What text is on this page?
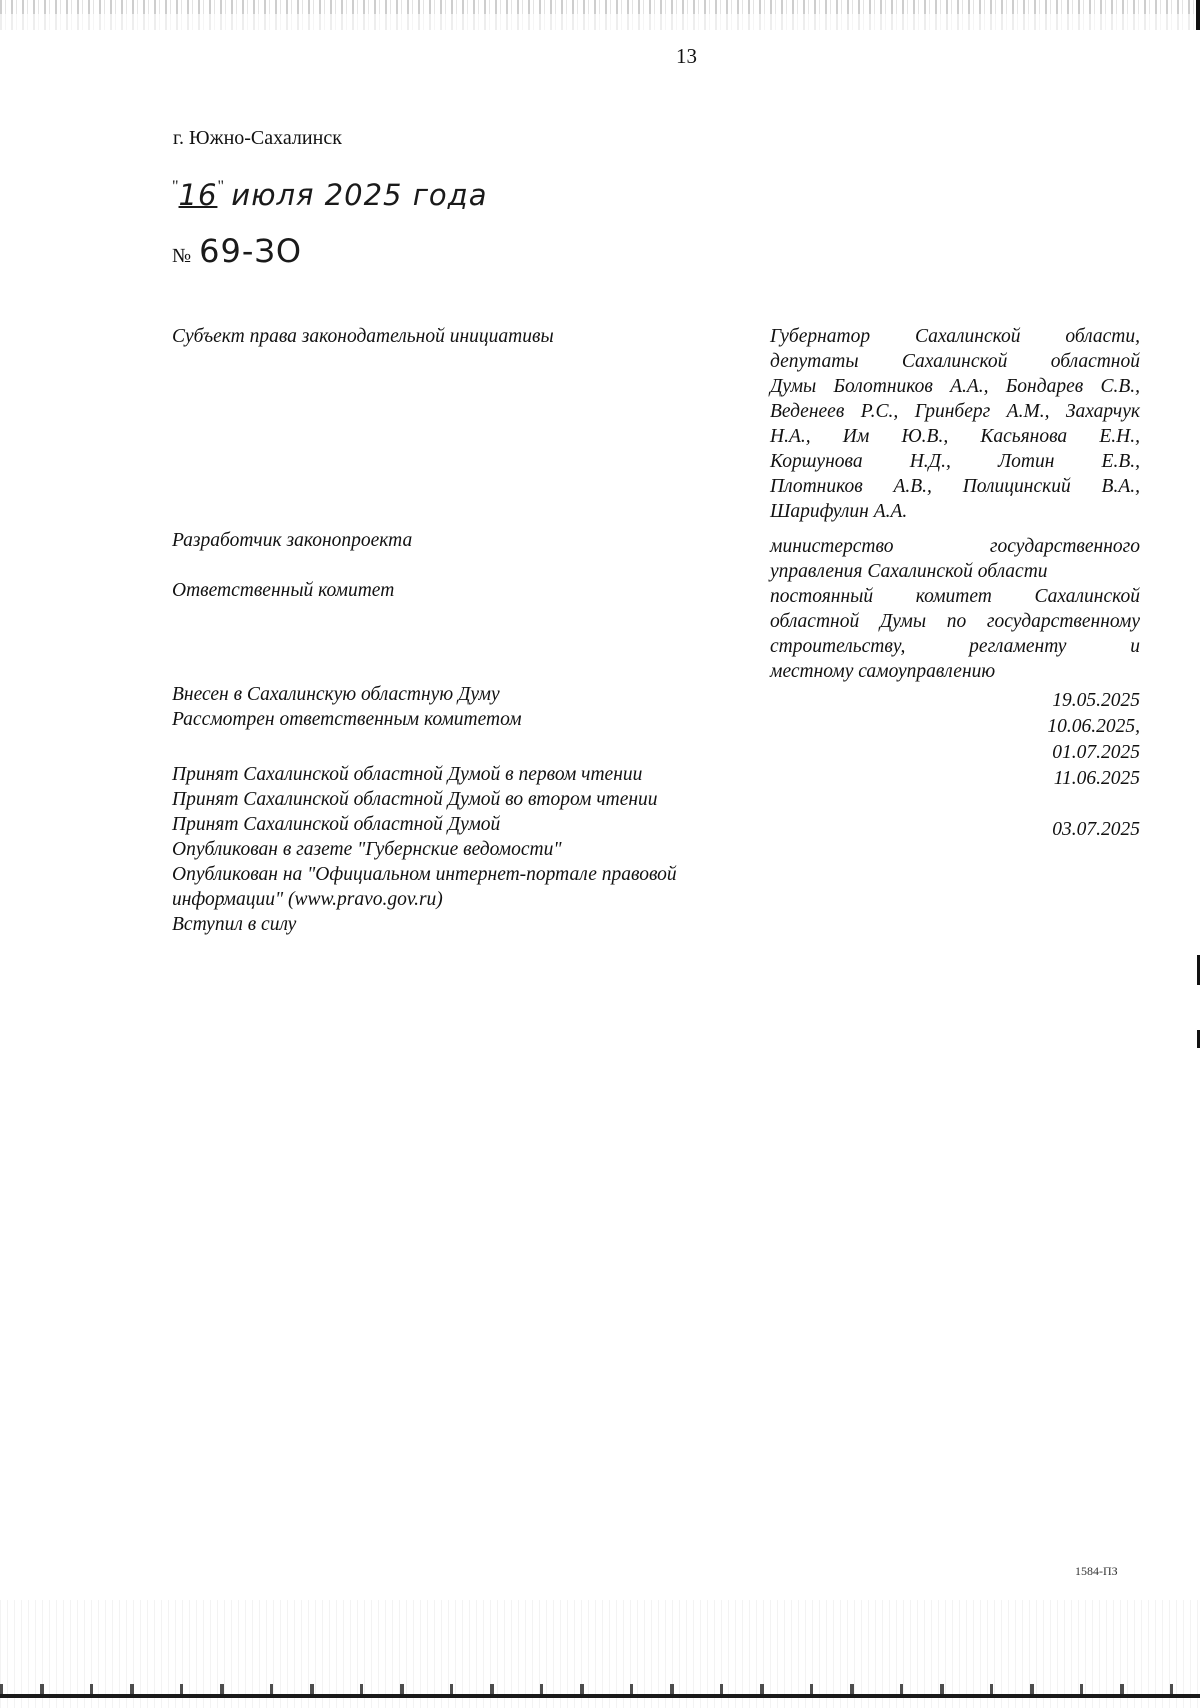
13
г. Южно-Сахалинск
"16" июля 2025 года
№ 69-ЗО
Субъект права законодательной инициативы	Губернатор Сахалинской области,
депутаты Сахалинской областной
Думы Болотников А.А., Бондарев С.В.,
Веденеев Р.С., Гринберг А.М., Захарчук
Н.А., Им Ю.В., Касьянова Е.Н.,
Коршунова Н.Д., Лотин Е.В.,
Плотников А.В., Полицинский В.А.,
Шарифулин А.А.
Разработчик законопроекта	министерство государственного
управления Сахалинской области
Ответственный комитет	постоянный комитет Сахалинской
областной Думы по государственному
строительству, регламенту и
местному самоуправлению
Внесен в Сахалинскую областную Думу	19.05.2025
Рассмотрен ответственным комитетом	10.06.2025,
01.07.2025
Принят Сахалинской областной Думой в первом чтении	11.06.2025
Принят Сахалинской областной Думой во втором чтении
Принят Сахалинской областной Думой	03.07.2025
Опубликован в газете "Губернские ведомости"
Опубликован на "Официальном интернет-портале правовой
информации" (www.pravo.gov.ru)
Вступил в силу
1584-ПЗ
